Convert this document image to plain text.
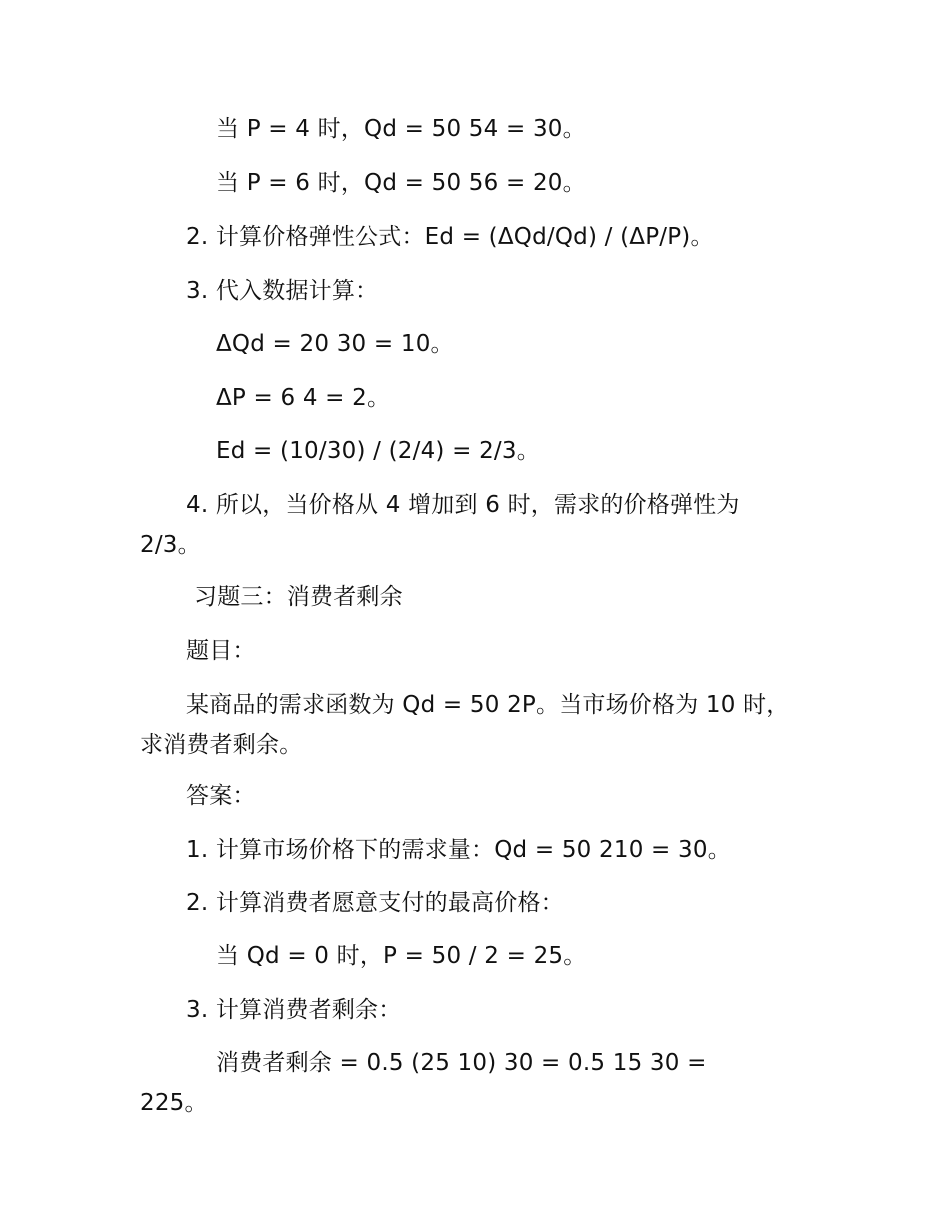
当 P = 4 时，Qd = 50 54 = 30。
当 P = 6 时，Qd = 50 56 = 20。
2. 计算价格弹性公式：Ed = (ΔQd/Qd) / (ΔP/P)。
3. 代入数据计算：
ΔQd = 20 30 = 10。
ΔP = 6 4 = 2。
Ed = (10/30) / (2/4) = 2/3。
4. 所以，当价格从 4 增加到 6 时，需求的价格弹性为
2/3。
习题三：消费者剩余
题目：
某商品的需求函数为 Qd = 50 2P。当市场价格为 10 时，
求消费者剩余。
答案：
1. 计算市场价格下的需求量：Qd = 50 210 = 30。
2. 计算消费者愿意支付的最高价格：
当 Qd = 0 时，P = 50 / 2 = 25。
3. 计算消费者剩余：
消费者剩余 = 0.5 (25 10) 30 = 0.5 15 30 =
225。
